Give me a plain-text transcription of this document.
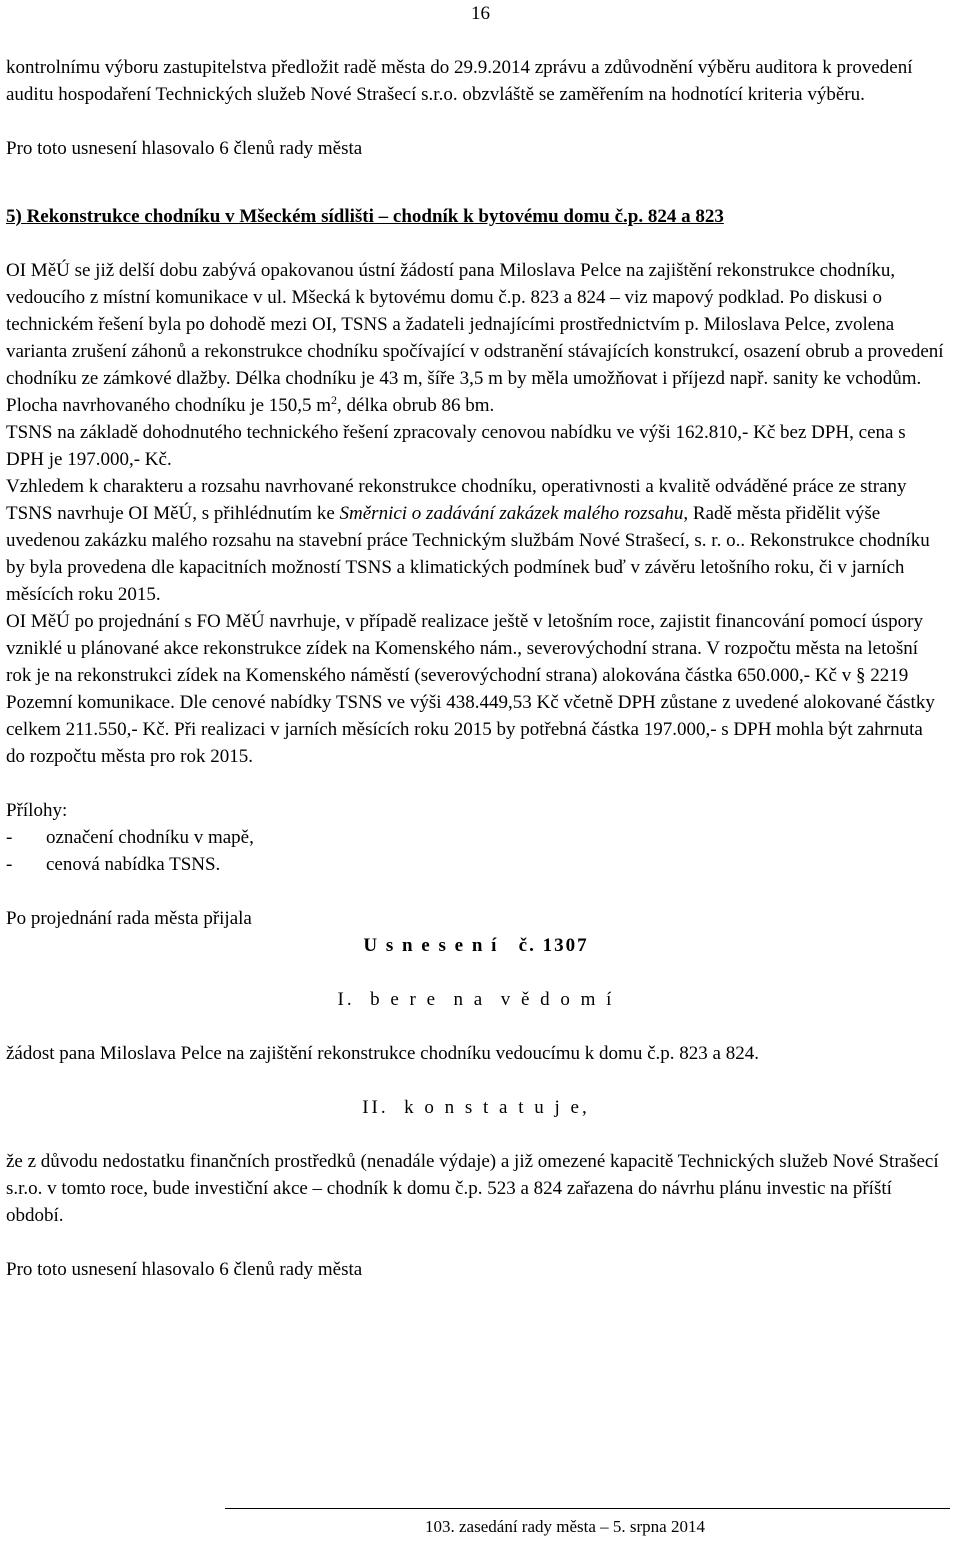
16

kontrolnímu výboru zastupitelstva předložit radě města do 29.9.2014 zprávu a zdůvodnění výběru auditora k provedení auditu hospodaření Technických služeb Nové Strašecí s.r.o. obzvláště se zaměřením na hodnotící kriteria výběru.

Pro toto usnesení hlasovalo 6 členů rady města

5) Rekonstrukce chodníku v Mšeckém sídlišti – chodník k bytovému domu č.p. 824 a 823

OI MěÚ se již delší dobu zabývá opakovanou ústní žádostí pana Miloslava Pelce na zajištění rekonstrukce chodníku, vedoucího z místní komunikace v ul. Mšecká k bytovému domu č.p. 823 a 824 – viz mapový podklad. Po diskusi o technickém řešení byla po dohodě mezi OI, TSNS a žadateli jednajícími prostřednictvím p. Miloslava Pelce, zvolena varianta zrušení záhonů a rekonstrukce chodníku spočívající v odstranění stávajících konstrukcí, osazení obrub a provedení chodníku ze zámkové dlažby. Délka chodníku je 43 m, šíře 3,5 m by měla umožňovat i příjezd např. sanity ke vchodům. Plocha navrhovaného chodníku je 150,5 $m^2$, délka obrub 86 bm.

TSNS na základě dohodnutého technického řešení zpracovaly cenovou nabídku ve výši 162.810,- Kč bez DPH, cena s DPH je 197.000,- Kč.

Vzhledem k charakteru a rozsahu navrhované rekonstrukce chodníku, operativnosti a kvalitě odváděné práce ze strany TSNS navrhuje OI MěÚ, s přihlédnutím ke Směrnici o zadávání zakázek malého rozsahu, Radě města přidělit výše uvedenou zakázku malého rozsahu na stavební práce Technickým službám Nové Strašecí, s. r. o.. Rekonstrukce chodníku by byla provedena dle kapacitních možností TSNS a klimatických podmínek buď v závěru letošního roku, či v jarních měsících roku 2015.

OI MěÚ po projednání s FO MěÚ navrhuje, v případě realizace ještě v letošním roce, zajistit financování pomocí úspory vzniklé u plánované akce rekonstrukce zídek na Komenského nám., severovýchodní strana. V rozpočtu města na letošní rok je na rekonstrukci zídek na Komenského náměstí (severovýchodní strana) alokována částka 650.000,- Kč v § 2219 Pozemní komunikace. Dle cenové nabídky TSNS ve výši 438.449,53 Kč včetně DPH zůstane z uvedené alokované částky celkem 211.550,- Kč. Při realizaci v jarních měsících roku 2015 by potřebná částka 197.000,- s DPH mohla být zahrnuta do rozpočtu města pro rok 2015.

Přílohy:

-	označení chodníku v mapě,
-	cenová nabídka TSNS.

Po projednání rada města přijala

U s n e s e n í   č. 1307

I.  b e r e  n a  v ě d o m í

žádost pana Miloslava Pelce na zajištění rekonstrukce chodníku vedoucímu k domu č.p. 823 a 824.

II.  k o n s t a t u j e,

že z důvodu nedostatku finančních prostředků (nenadále výdaje) a již omezené kapacitě Technických služeb Nové Strašecí s.r.o. v tomto roce, bude investiční akce – chodník k domu č.p. 523 a 824 zařazena do návrhu plánu investic na příští období.

Pro toto usnesení hlasovalo 6 členů rady města

103. zasedání rady města – 5. srpna 2014
